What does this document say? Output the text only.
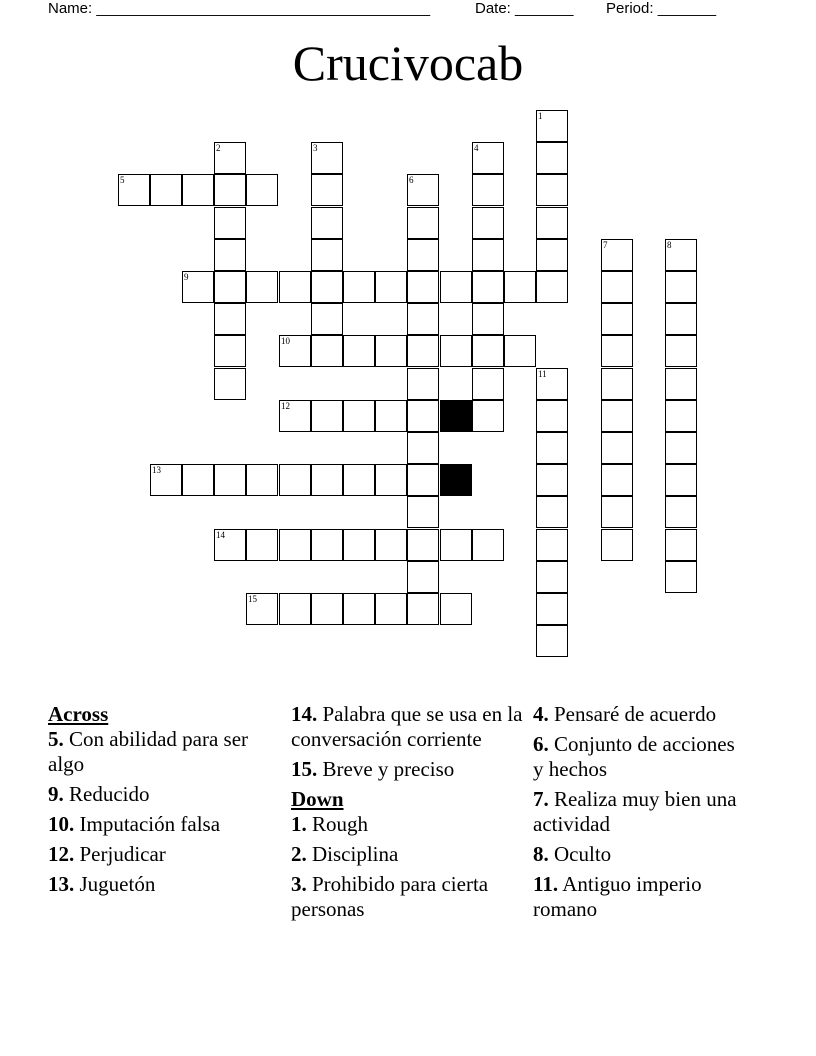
Name: ________________________________________

	Date: _______

Period: _______

Crucivocab
1
2	3	4
5	6
7	8
9
10
11
12
13
14
15
Across
5. Con abilidad para ser algo
9. Reducido
10. Imputación falsa
12. Perjudicar
13. Juguetón
14. Palabra que se usa en la conversación corriente
15. Breve y preciso
Down
1. Rough
2. Disciplina
3. Prohibido para cierta personas
4. Pensaré de acuerdo
6. Conjunto de acciones y hechos
7. Realiza muy bien una actividad
8. Oculto
11. Antiguo imperio romano
